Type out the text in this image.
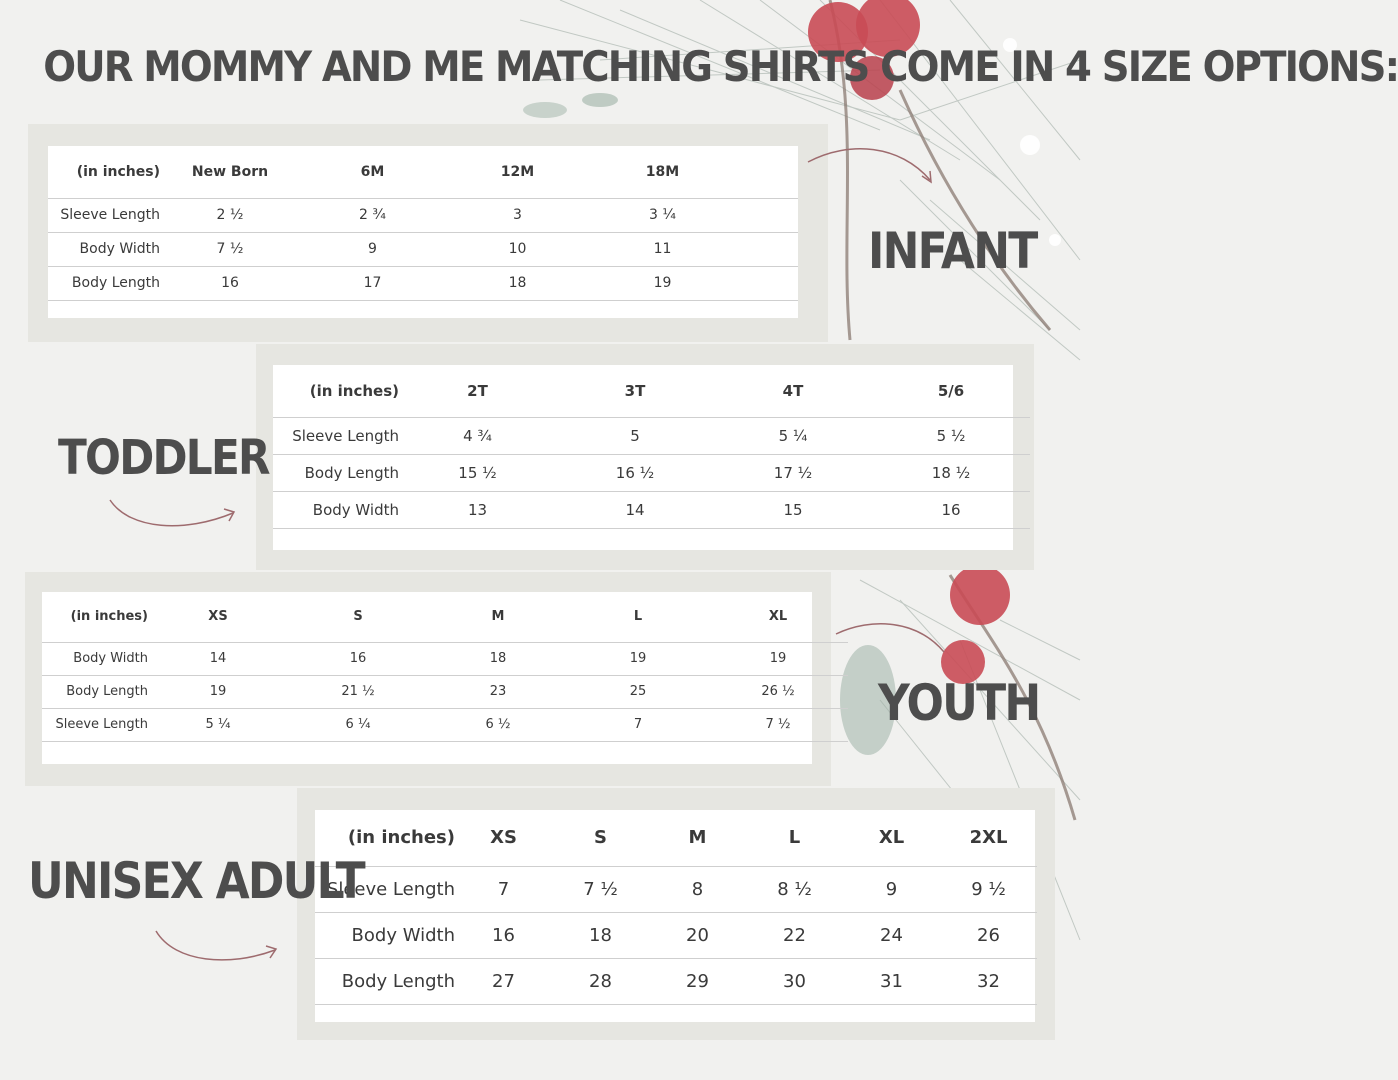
OUR MOMMY AND ME MATCHING SHIRTS COME IN 4 SIZE OPTIONS:
(in inches)	New Born	6M	12M	18M	
Sleeve Length	2 ½	2 ¾	3	3 ¼	
Body Width	7 ½	9	10	11	
Body Length	16	17	18	19	
INFANT
(in inches)	2T	3T	4T	5/6
Sleeve Length	4 ¾	5	5 ¼	5 ½
Body Length	15 ½	16 ½	17 ½	18 ½
Body Width	13	14	15	16
TODDLER
(in inches)	XS	S	M	L	XL
Body Width	14	16	18	19	19
Body Length	19	21 ½	23	25	26 ½
Sleeve Length	5 ¼	6 ¼	6 ½	7	7 ½ YOUTH
(in inches)	XS	S	M	L	XL	2XL
Sleeve Length	7	7 ½	8	8 ½	9	9 ½
Body Width	16	18	20	22	24	26
Body Length	27	28	29	30	31	32
UNISEX ADULT
